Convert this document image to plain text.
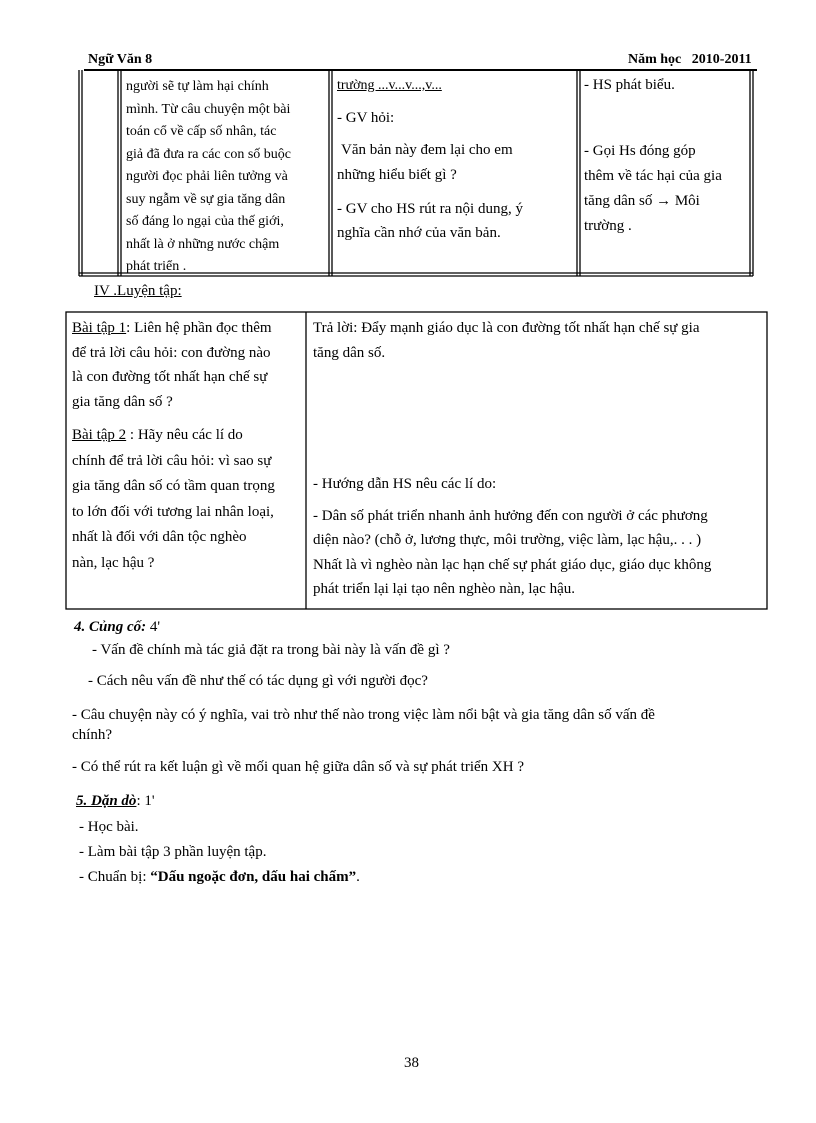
Ngữ Văn 8	Năm học 2010-2011

người sẽ tự làm hại chính

mình. Từ câu chuyện một bài

toán cổ về cấp số nhân, tác

giả đã đưa ra các con số buộc

người đọc phải liên tưởng và

suy ngẫm về sự gia tăng dân

số đáng lo ngại của thế giới,

nhất là ở những nước chậm

phát triển .

trường ...v...v...,v...
- GV hỏi:
Văn bản này đem lại cho em
những hiểu biết gì ?
- GV cho HS rút ra nội dung, ý
nghĩa cần nhớ của văn bản.
- HS phát biểu.

- Gọi Hs đóng góp

thêm về tác hại của gia

tăng dân số → Môi

trường .

IV .Luyện tập:

Bài tập 1: Liên hệ phần đọc thêm

để trả lời câu hỏi: con đường nào

là con đường tốt nhất hạn chế sự

gia tăng dân số ?

Bài tập 2 : Hãy nêu các lí do

chính để trả lời câu hỏi: vì sao sự

gia tăng dân số có tầm quan trọng

to lớn đối với tương lai nhân loại,

nhất là đối với dân tộc nghèo

nàn, lạc hậu ?

Trả lời: Đẩy mạnh giáo dục là con đường tốt nhất hạn chế sự gia

tăng dân số.

- Hướng dẫn HS nêu các lí do:

- Dân số phát triển nhanh ảnh hưởng đến con người ở các phương

diện nào? (chỗ ở, lương thực, môi trường, việc làm, lạc hậu,. . . )

Nhất là vì nghèo nàn lạc hạn chế sự phát giáo dục, giáo dục không

phát triển lại lại tạo nên nghèo nàn, lạc hậu.

4. Củng cố: 4'
- Vấn đề chính mà tác giả đặt ra trong bài này là vấn đề gì ?
- Cách nêu vấn đề như thế có tác dụng gì với người đọc?
- Câu chuyện này có ý nghĩa, vai trò như thế nào trong việc làm nổi bật và gia tăng dân số vấn đề
chính?
- Có thể rút ra kết luận gì về mối quan hệ giữa dân số và sự phát triển XH ?
5. Dặn dò: 1'
- Học bài.
- Làm bài tập 3 phần luyện tập.
- Chuẩn bị: “Dấu ngoặc đơn, dấu hai chấm”.
38
